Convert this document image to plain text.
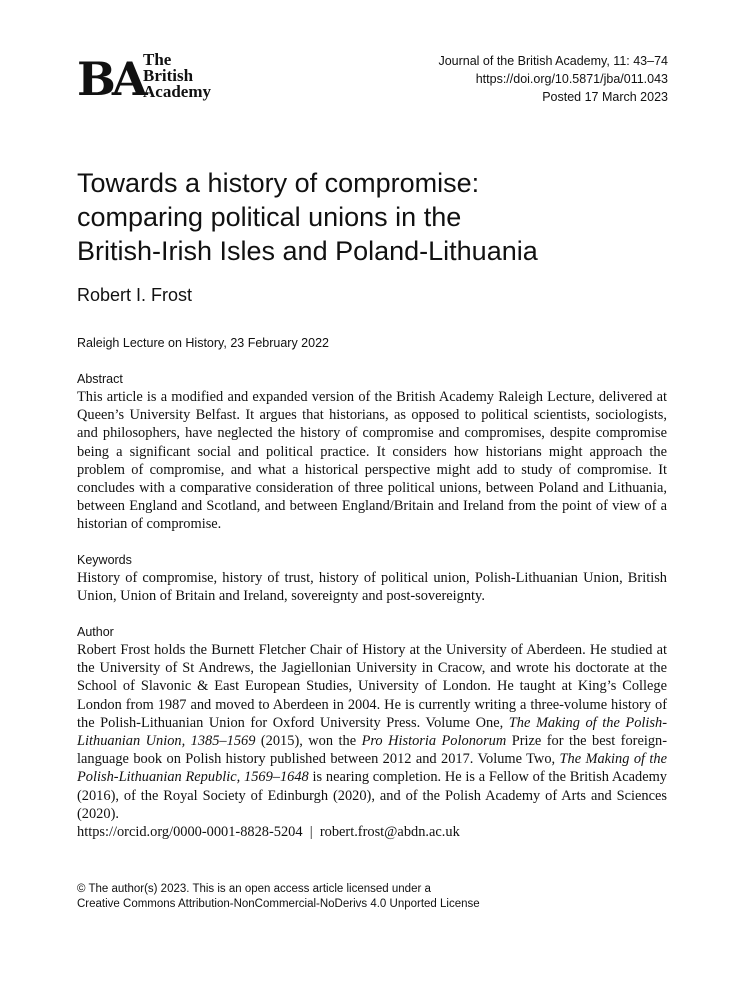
BA The
British
Academy
Journal of the British Academy, 11: 43–74
https://doi.org/10.5871/jba/011.043
Posted 17 March 2023
Towards a history of compromise:
comparing political unions in the
British-Irish Isles and Poland-Lithuania
Robert I. Frost
Raleigh Lecture on History, 23 February 2022
Abstract
This article is a modified and expanded version of the British Academy Raleigh Lecture, delivered at Queen’s University Belfast. It argues that historians, as opposed to political scientists, sociologists, and philosophers, have neglected the history of compromise and compromises, despite compromise being a significant social and political practice. It considers how historians might approach the problem of compromise, and what a historical perspective might add to study of compromise. It concludes with a comparative consideration of three political unions, between Poland and Lithuania, between England and Scotland, and between England/Britain and Ireland from the point of view of a historian of compromise.
Keywords
History of compromise, history of trust, history of political union, Polish-Lithuanian Union, British Union, Union of Britain and Ireland, sovereignty and post-sovereignty.
Author
Robert Frost holds the Burnett Fletcher Chair of History at the University of Aberdeen. He studied at the University of St Andrews, the Jagiellonian University in Cracow, and wrote his doctorate at the School of Slavonic & East European Studies, University of London. He taught at King’s College London from 1987 and moved to Aberdeen in 2004. He is currently writing a three-volume history of the Polish-Lithuanian Union for Oxford University Press. Volume One, The Making of the Polish-Lithuanian Union, 1385–1569 (2015), won the Pro Historia Polonorum Prize for the best foreign-language book on Polish history published between 2012 and 2017. Volume Two, The Making of the Polish-Lithuanian Republic, 1569–1648 is nearing completion. He is a Fellow of the British Academy (2016), of the Royal Society of Edinburgh (2020), and of the Polish Academy of Arts and Sciences (2020).
https://orcid.org/0000-0001-8828-5204  |  robert.frost@abdn.ac.uk
© The author(s) 2023. This is an open access article licensed under a
Creative Commons Attribution-NonCommercial-NoDerivs 4.0 Unported License
